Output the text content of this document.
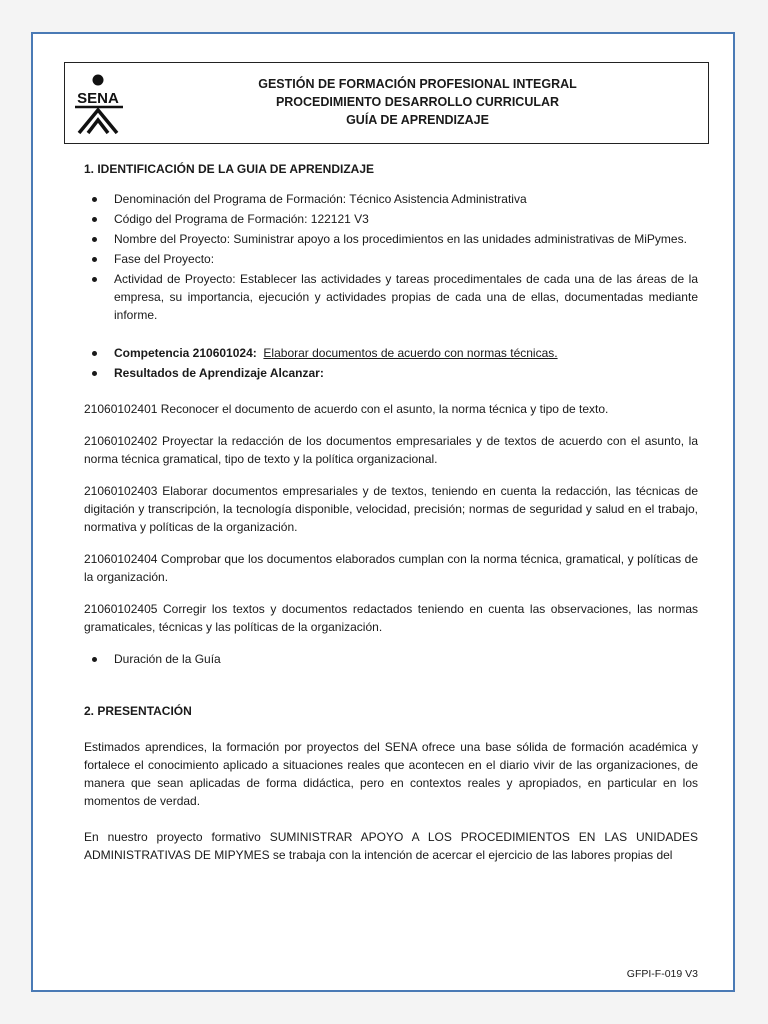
SENA
GESTIÓN DE FORMACIÓN PROFESIONAL INTEGRAL
PROCEDIMIENTO DESARROLLO CURRICULAR
GUÍA DE APRENDIZAJE

1. IDENTIFICACIÓN DE LA GUIA DE APRENDIZAJE

Denominación del Programa de Formación: Técnico Asistencia Administrativa
Código del Programa de Formación: 122121 V3
Nombre del Proyecto: Suministrar apoyo a los procedimientos en las unidades administrativas de MiPymes.
Fase del Proyecto:
Actividad de Proyecto: Establecer las actividades y tareas procedimentales de cada una de las áreas de la empresa, su importancia, ejecución y actividades propias de cada una de ellas, documentadas mediante informe.
Competencia 210601024: Elaborar documentos de acuerdo con normas técnicas.
Resultados de Aprendizaje Alcanzar:

21060102401 Reconocer el documento de acuerdo con el asunto, la norma técnica y tipo de texto.

21060102402 Proyectar la redacción de los documentos empresariales y de textos de acuerdo con el asunto, la norma técnica gramatical, tipo de texto y la política organizacional.

21060102403 Elaborar documentos empresariales y de textos, teniendo en cuenta la redacción, las técnicas de digitación y transcripción, la tecnología disponible, velocidad, precisión; normas de seguridad y salud en el trabajo, normativa y políticas de la organización.

21060102404 Comprobar que los documentos elaborados cumplan con la norma técnica, gramatical, y políticas de la organización.

21060102405 Corregir los textos y documentos redactados teniendo en cuenta las observaciones, las normas gramaticales, técnicas y las políticas de la organización.

Duración de la Guía

2. PRESENTACIÓN

Estimados aprendices, la formación por proyectos del SENA ofrece una base sólida de formación académica y fortalece el conocimiento aplicado a situaciones reales que acontecen en el diario vivir de las organizaciones, de manera que sean aplicadas de forma didáctica, pero en contextos reales y apropiados, en particular en los momentos de verdad.

En nuestro proyecto formativo SUMINISTRAR APOYO A LOS PROCEDIMIENTOS EN LAS UNIDADES ADMINISTRATIVAS DE MIPYMES se trabaja con la intención de acercar el ejercicio de las labores propias del

GFPI-F-019 V3
